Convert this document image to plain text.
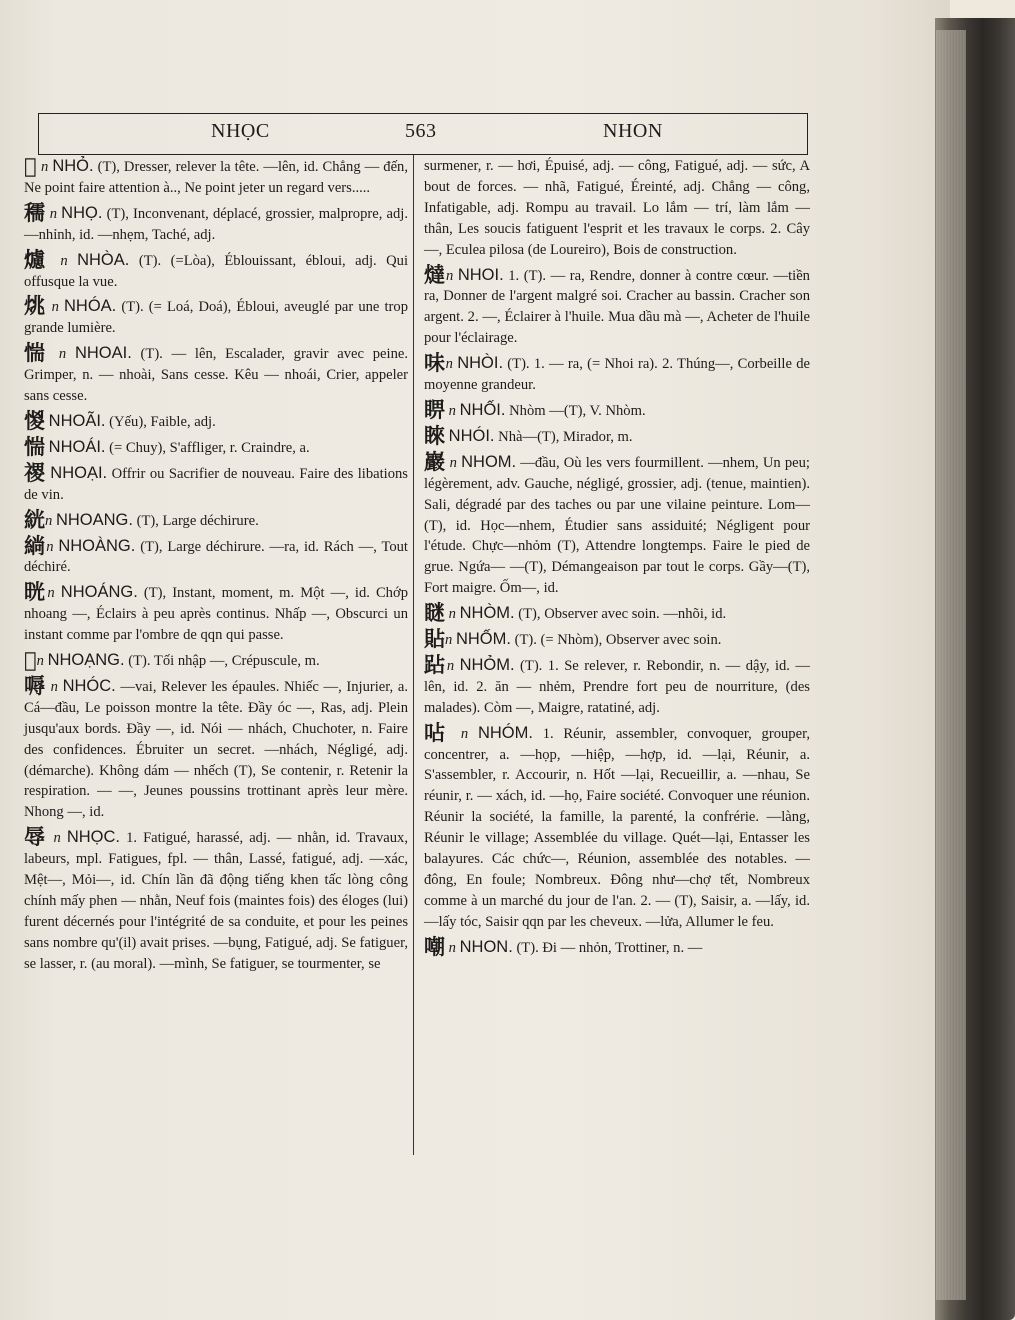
NHỌC	563	NHON
𣌒 n NHỎ. (T), Dresser, relever la tête. —lên, id. Chẳng — đến, Ne point faire attention à.., Ne point jeter un regard vers.....
穤 n NHỌ. (T), Inconvenant, déplacé, grossier, malpropre, adj. —nhỉnh, id. —nhẹm, Taché, adj.
爈 n NHÒA. (T). (=Lòa), Éblouissant, ébloui, adj. Qui offusque la vue.
烑 n NHÓA. (T). (= Loá, Doá), Ébloui, aveuglé par une trop grande lumière.
惴 n NHOAI. (T). — lên, Escalader, gravir avec peine. Grimper, n. — nhoài, Sans cesse. Kêu — nhoái, Crier, appeler sans cesse.
惾 NHOÃI. (Yếu), Faible, adj.
惴 NHOÁI. (= Chuy), S'affliger, r. Craindre, a.
禝 NHOẠI. Offrir ou Sacrifier de nouveau. Faire des libations de vin.
絖n NHOANG. (T), Large déchirure.
緔n NHOÀNG. (T), Large déchirure. —ra, id. Rách —, Tout déchiré.
晄n NHOÁNG. (T), Instant, moment, m. Một —, id. Chớp nhoang —, Éclairs à peu après continus. Nhấp —, Obscurci un instant comme par l'ombre de qqn qui passe.
𣇜n NHOẠNG. (T). Tối nhập —, Crépuscule, m.
嗕 n NHÓC. —vai, Relever les épaules. Nhiếc —, Injurier, a. Cá—đầu, Le poisson montre la tête. Đầy óc —, Ras, adj. Plein jusqu'aux bords. Đầy —, id. Nói — nhách, Chuchoter, n. Faire des confidences. Ébruiter un secret. —nhách, Négligé, adj. (démarche). Không dám — nhếch (T), Se contenir, r. Retenir la respiration. — —, Jeunes poussins trottinant après leur mère. Nhong —, id.
辱 n NHỌC. 1. Fatigué, harassé, adj. — nhằn, id. Travaux, labeurs, mpl. Fatigues, fpl. — thân, Lassé, fatigué, adj. —xác, Mệt—, Mỏi—, id. Chín lần đã động tiếng khen tấc lòng công chính mấy phen — nhằn, Neuf fois (maintes fois) des éloges (lui) furent décernés pour l'intégrité de sa conduite, et pour les peines sans nombre qu'(il) avait prises. —bụng, Fatigué, adj. Se fatiguer, se lasser, r. (au moral). —mình, Se fatiguer, se tourmenter, se
surmener, r. — hơi, Épuisé, adj. — công, Fatigué, adj. — sức, A bout de forces. — nhã, Fatigué, Éreinté, adj. Chẳng — công, Infatigable, adj. Rompu au travail. Lo lắm — trí, làm lắm — thân, Les soucis fatiguent l'esprit et les travaux le corps. 2. Cây —, Eculea pilosa (de Loureiro), Bois de construction.
燵n NHOI. 1. (T). — ra, Rendre, donner à contre cœur. —tiền ra, Donner de l'argent malgré soi. Cracher au bassin. Cracher son argent. 2. —, Éclairer à l'huile. Mua dầu mà —, Acheter de l'huile pour l'éclairage.
味n NHÒI. (T). 1. — ra, (= Nhoi ra). 2. Thúng—, Corbeille de moyenne grandeur.
睤 n NHỐI. Nhòm —(T), V. Nhòm.
睞 NHÓI. Nhà—(T), Mirador, m.
巖 n NHOM. —đầu, Où les vers fourmillent. —nhem, Un peu; légèrement, adv. Gauche, négligé, grossier, adj. (tenue, maintien). Sali, dégradé par des taches ou par une vilaine peinture. Lom—(T), id. Học—nhem, Étudier sans assiduité; Négligent pour l'étude. Chực—nhỏm (T), Attendre longtemps. Faire le pied de grue. Ngứa— —(T), Démangeaison par tout le corps. Gầy—(T), Fort maigre. Ốm—, id.
瞇 n NHÒM. (T), Observer avec soin. —nhõi, id.
貼n NHỐM. (T). (= Nhòm), Observer avec soin.
跕n NHỎM. (T). 1. Se relever, r. Rebondir, n. — dậy, id. — lên, id. 2. ăn — nhẻm, Prendre fort peu de nourriture, (des malades). Còm —, Maigre, ratatiné, adj.
呫 n NHÓM. 1. Réunir, assembler, convoquer, grouper, concentrer, a. —họp, —hiệp, —hợp, id. —lại, Réunir, a. S'assembler, r. Accourir, n. Hốt —lại, Recueillir, a. —nhau, Se réunir, r. — xách, id. —họ, Faire société. Convoquer une réunion. Réunir la société, la famille, la parenté, la confrérie. —làng, Réunir le village; Assemblée du village. Quét—lại, Entasser les balayures. Các chức—, Réunion, assemblée des notables. — đông, En foule; Nombreux. Đông như—chợ tết, Nombreux comme à un marché du jour de l'an. 2. — (T), Saisir, a. —lấy, id. —lấy tóc, Saisir qqn par les cheveux. —lửa, Allumer le feu.
嘲 n NHON. (T). Đi — nhỏn, Trottiner, n. —
